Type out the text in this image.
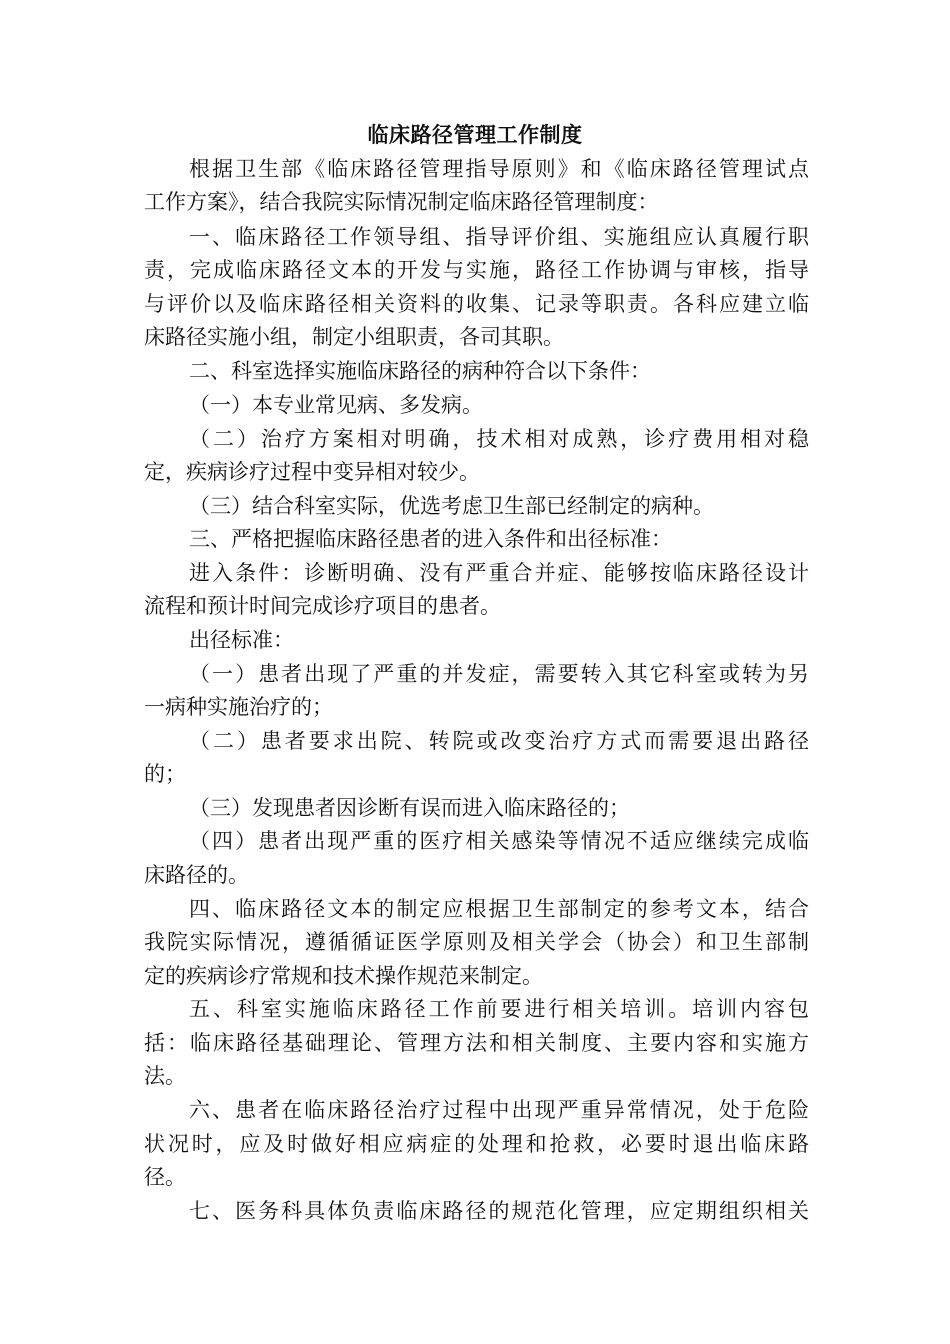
临床路径管理工作制度
根据卫生部《临床路径管理指导原则》和《临床路径管理试点
工作方案》，结合我院实际情况制定临床路径管理制度：
一、临床路径工作领导组、指导评价组、实施组应认真履行职
责，完成临床路径文本的开发与实施，路径工作协调与审核，指导
与评价以及临床路径相关资料的收集、记录等职责。各科应建立临
床路径实施小组，制定小组职责，各司其职。
二、科室选择实施临床路径的病种符合以下条件：
（一）本专业常见病、多发病。
（二）治疗方案相对明确，技术相对成熟，诊疗费用相对稳
定，疾病诊疗过程中变异相对较少。
（三）结合科室实际，优选考虑卫生部已经制定的病种。
三、严格把握临床路径患者的进入条件和出径标准：
进入条件：诊断明确、没有严重合并症、能够按临床路径设计
流程和预计时间完成诊疗项目的患者。
出径标准：
（一）患者出现了严重的并发症，需要转入其它科室或转为另
一病种实施治疗的；
（二）患者要求出院、转院或改变治疗方式而需要退出路径
的；
（三）发现患者因诊断有误而进入临床路径的；
（四）患者出现严重的医疗相关感染等情况不适应继续完成临
床路径的。
四、临床路径文本的制定应根据卫生部制定的参考文本，结合
我院实际情况，遵循循证医学原则及相关学会（协会）和卫生部制
定的疾病诊疗常规和技术操作规范来制定。
五、科室实施临床路径工作前要进行相关培训。培训内容包
括：临床路径基础理论、管理方法和相关制度、主要内容和实施方
法。
六、患者在临床路径治疗过程中出现严重异常情况，处于危险
状况时，应及时做好相应病症的处理和抢救，必要时退出临床路
径。
七、医务科具体负责临床路径的规范化管理，应定期组织相关
